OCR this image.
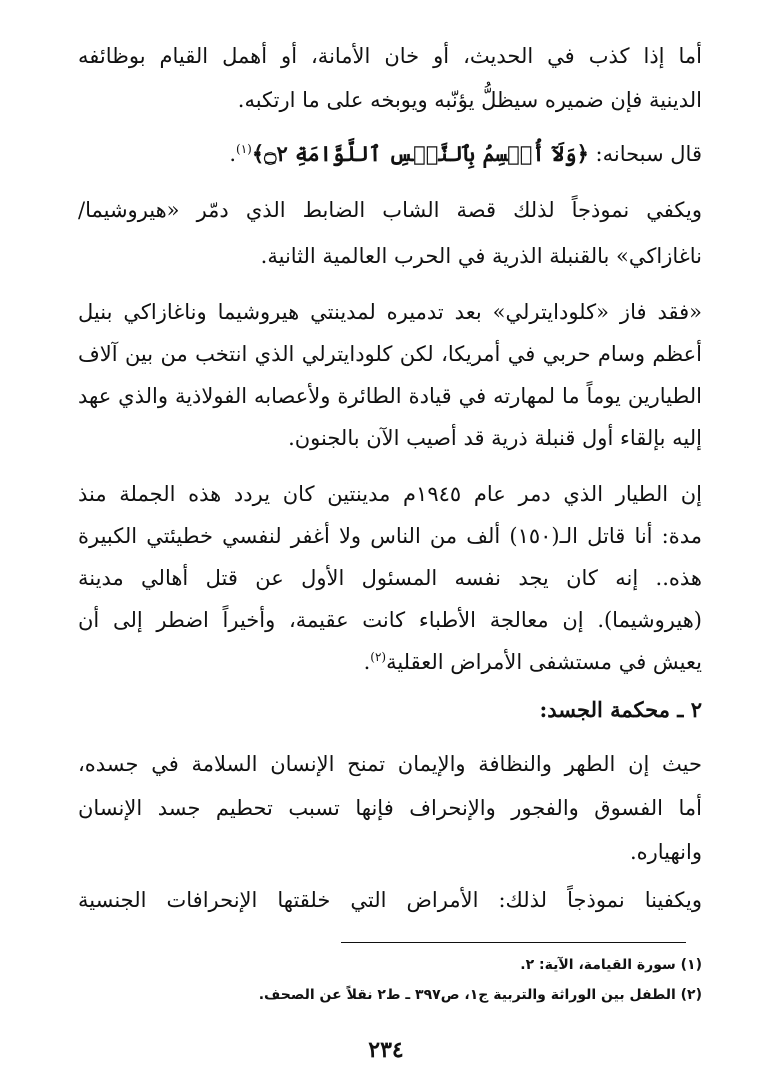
أما إذا كذب في الحديث، أو خان الأمانة، أو أهمل القيام بوظائفه
الدينية فإن ضميره سيظلُّ يؤنّبه ويوبخه على ما ارتكبه.
قال سبحانه: ﴿وَلَآ أُقۡسِمُ بِٱلنَّفۡسِ ٱللَّوَّامَةِ ۝٢﴾$^{(١)}$.
ويكفي نموذجاً لذلك قصة الشاب الضابط الذي دمّر «هيروشيما/
ناغازاكي» بالقنبلة الذرية في الحرب العالمية الثانية.
«فقد فاز «كلودايترلي» بعد تدميره لمدينتي هيروشيما وناغازاكي بنيل
أعظم وسام حربي في أمريكا، لكن كلودايترلي الذي انتخب من بين آلاف
الطيارين يوماً ما لمهارته في قيادة الطائرة ولأعصابه الفولاذية والذي عهد
إليه بإلقاء أول قنبلة ذرية قد أصيب الآن بالجنون.
إن الطيار الذي دمر عام ١٩٤٥م مدينتين كان يردد هذه الجملة منذ
مدة: أنا قاتل الـ(١٥٠) ألف من الناس ولا أغفر لنفسي خطيئتي الكبيرة
هذه.. إنه كان يجد نفسه المسئول الأول عن قتل أهالي مدينة
(هيروشيما). إن معالجة الأطباء كانت عقيمة، وأخيراً اضطر إلى أن
يعيش في مستشفى الأمراض العقلية$^{(٢)}$.
٢ ـ محكمة الجسد:
حيث إن الطهر والنظافة والإيمان تمنح الإنسان السلامة في جسده،
أما الفسوق والفجور والإنحراف فإنها تسبب تحطيم جسد الإنسان
وانهياره.
ويكفينا نموذجاً لذلك: الأمراض التي خلقتها الإنحرافات الجنسية
(١) سورة القيامة، الآية: ٢.
(٢) الطفل بين الوراثة والتربية ج١، ص٣٩٧ ـ ط٢ نقلاً عن الصحف.
٢٣٤
